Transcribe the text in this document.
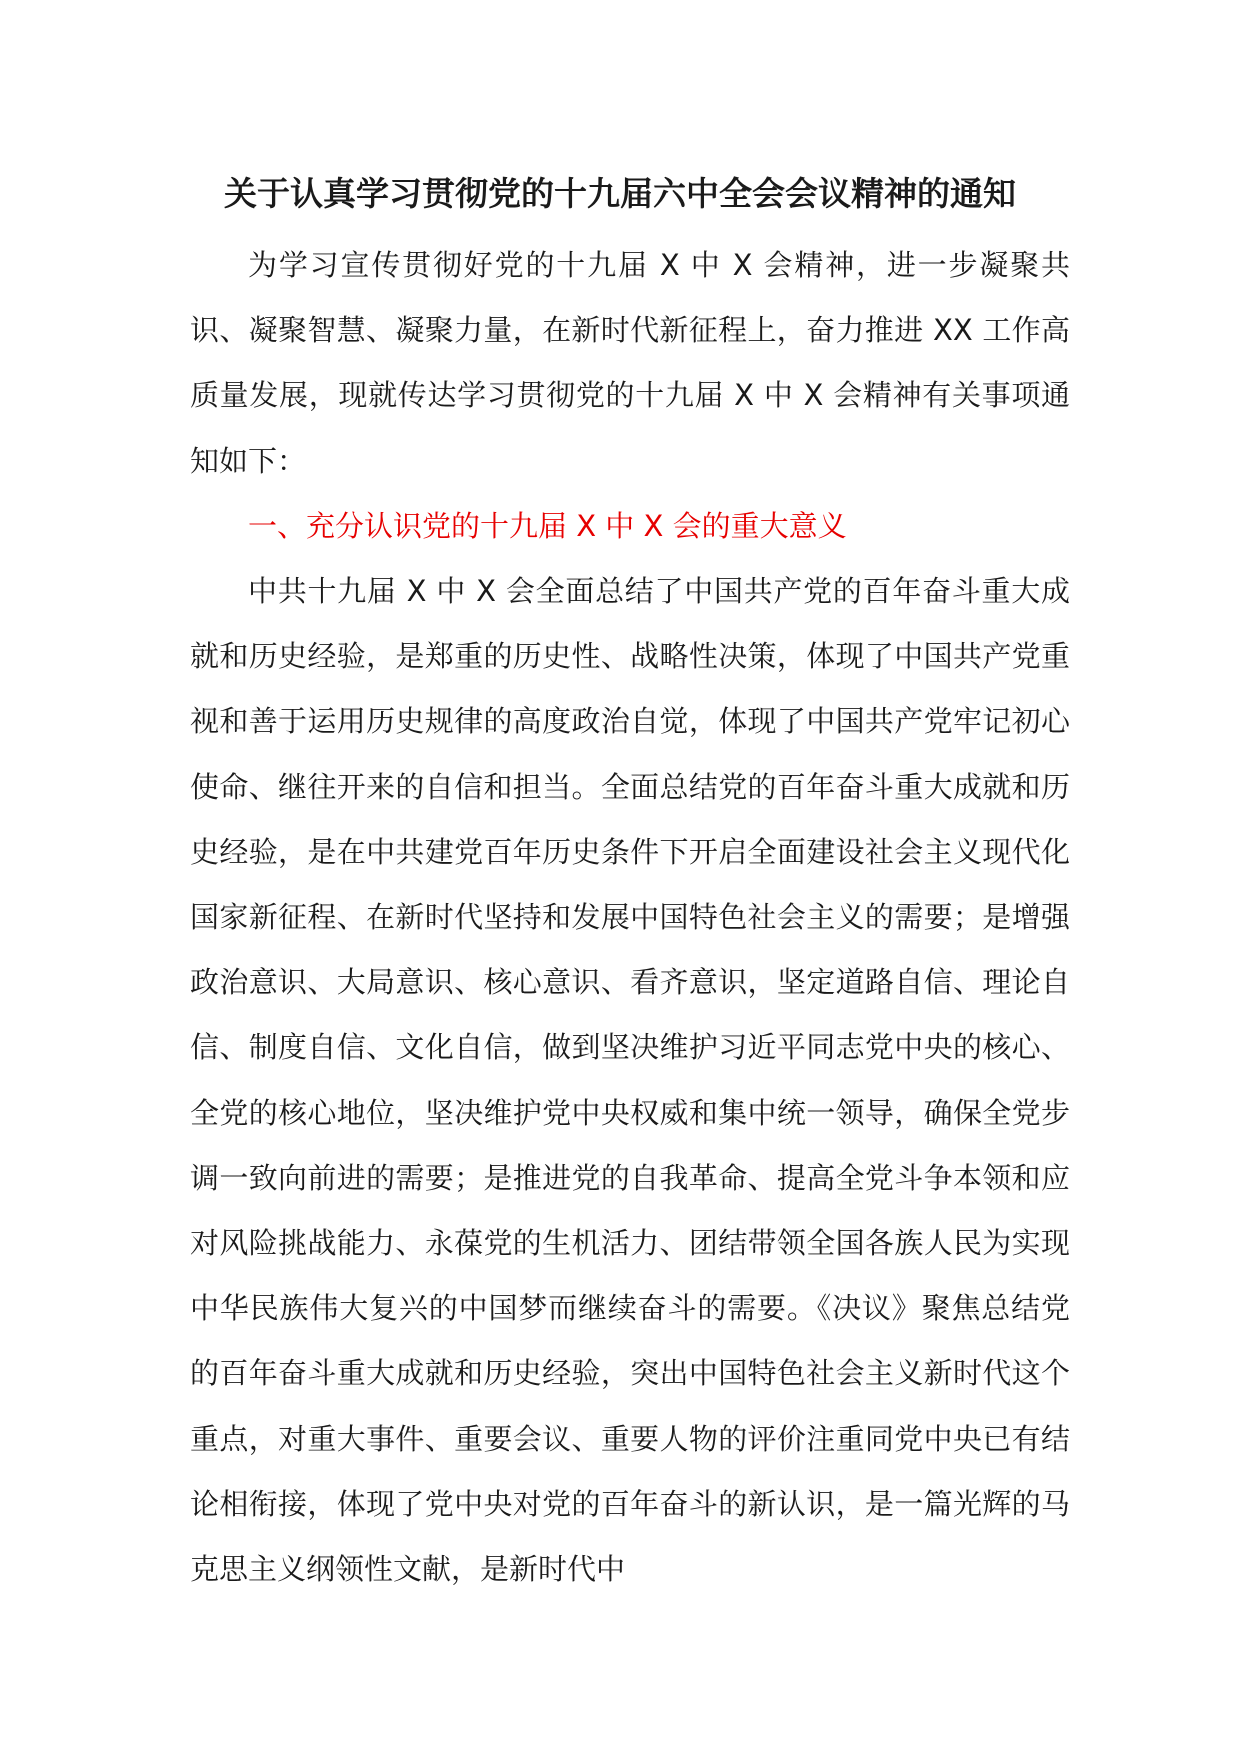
关于认真学习贯彻党的十九届六中全会会议精神的通知

为学习宣传贯彻好党的十九届 X 中 X 会精神，进一步凝聚共识、凝聚智慧、凝聚力量，在新时代新征程上，奋力推进 XX 工作高质量发展，现就传达学习贯彻党的十九届 X 中 X 会精神有关事项通知如下：

一、充分认识党的十九届 X 中 X 会的重大意义

中共十九届 X 中 X 会全面总结了中国共产党的百年奋斗重大成就和历史经验，是郑重的历史性、战略性决策，体现了中国共产党重视和善于运用历史规律的高度政治自觉，体现了中国共产党牢记初心使命、继往开来的自信和担当。全面总结党的百年奋斗重大成就和历史经验，是在中共建党百年历史条件下开启全面建设社会主义现代化国家新征程、在新时代坚持和发展中国特色社会主义的需要；是增强政治意识、大局意识、核心意识、看齐意识，坚定道路自信、理论自信、制度自信、文化自信，做到坚决维护习近平同志党中央的核心、全党的核心地位，坚决维护党中央权威和集中统一领导，确保全党步调一致向前进的需要；是推进党的自我革命、提高全党斗争本领和应对风险挑战能力、永葆党的生机活力、团结带领全国各族人民为实现中华民族伟大复兴的中国梦而继续奋斗的需要。《决议》聚焦总结党的百年奋斗重大成就和历史经验，突出中国特色社会主义新时代这个重点，对重大事件、重要会议、重要人物的评价注重同党中央已有结论相衔接，体现了党中央对党的百年奋斗的新认识，是一篇光辉的马克思主义纲领性文献，是新时代中
